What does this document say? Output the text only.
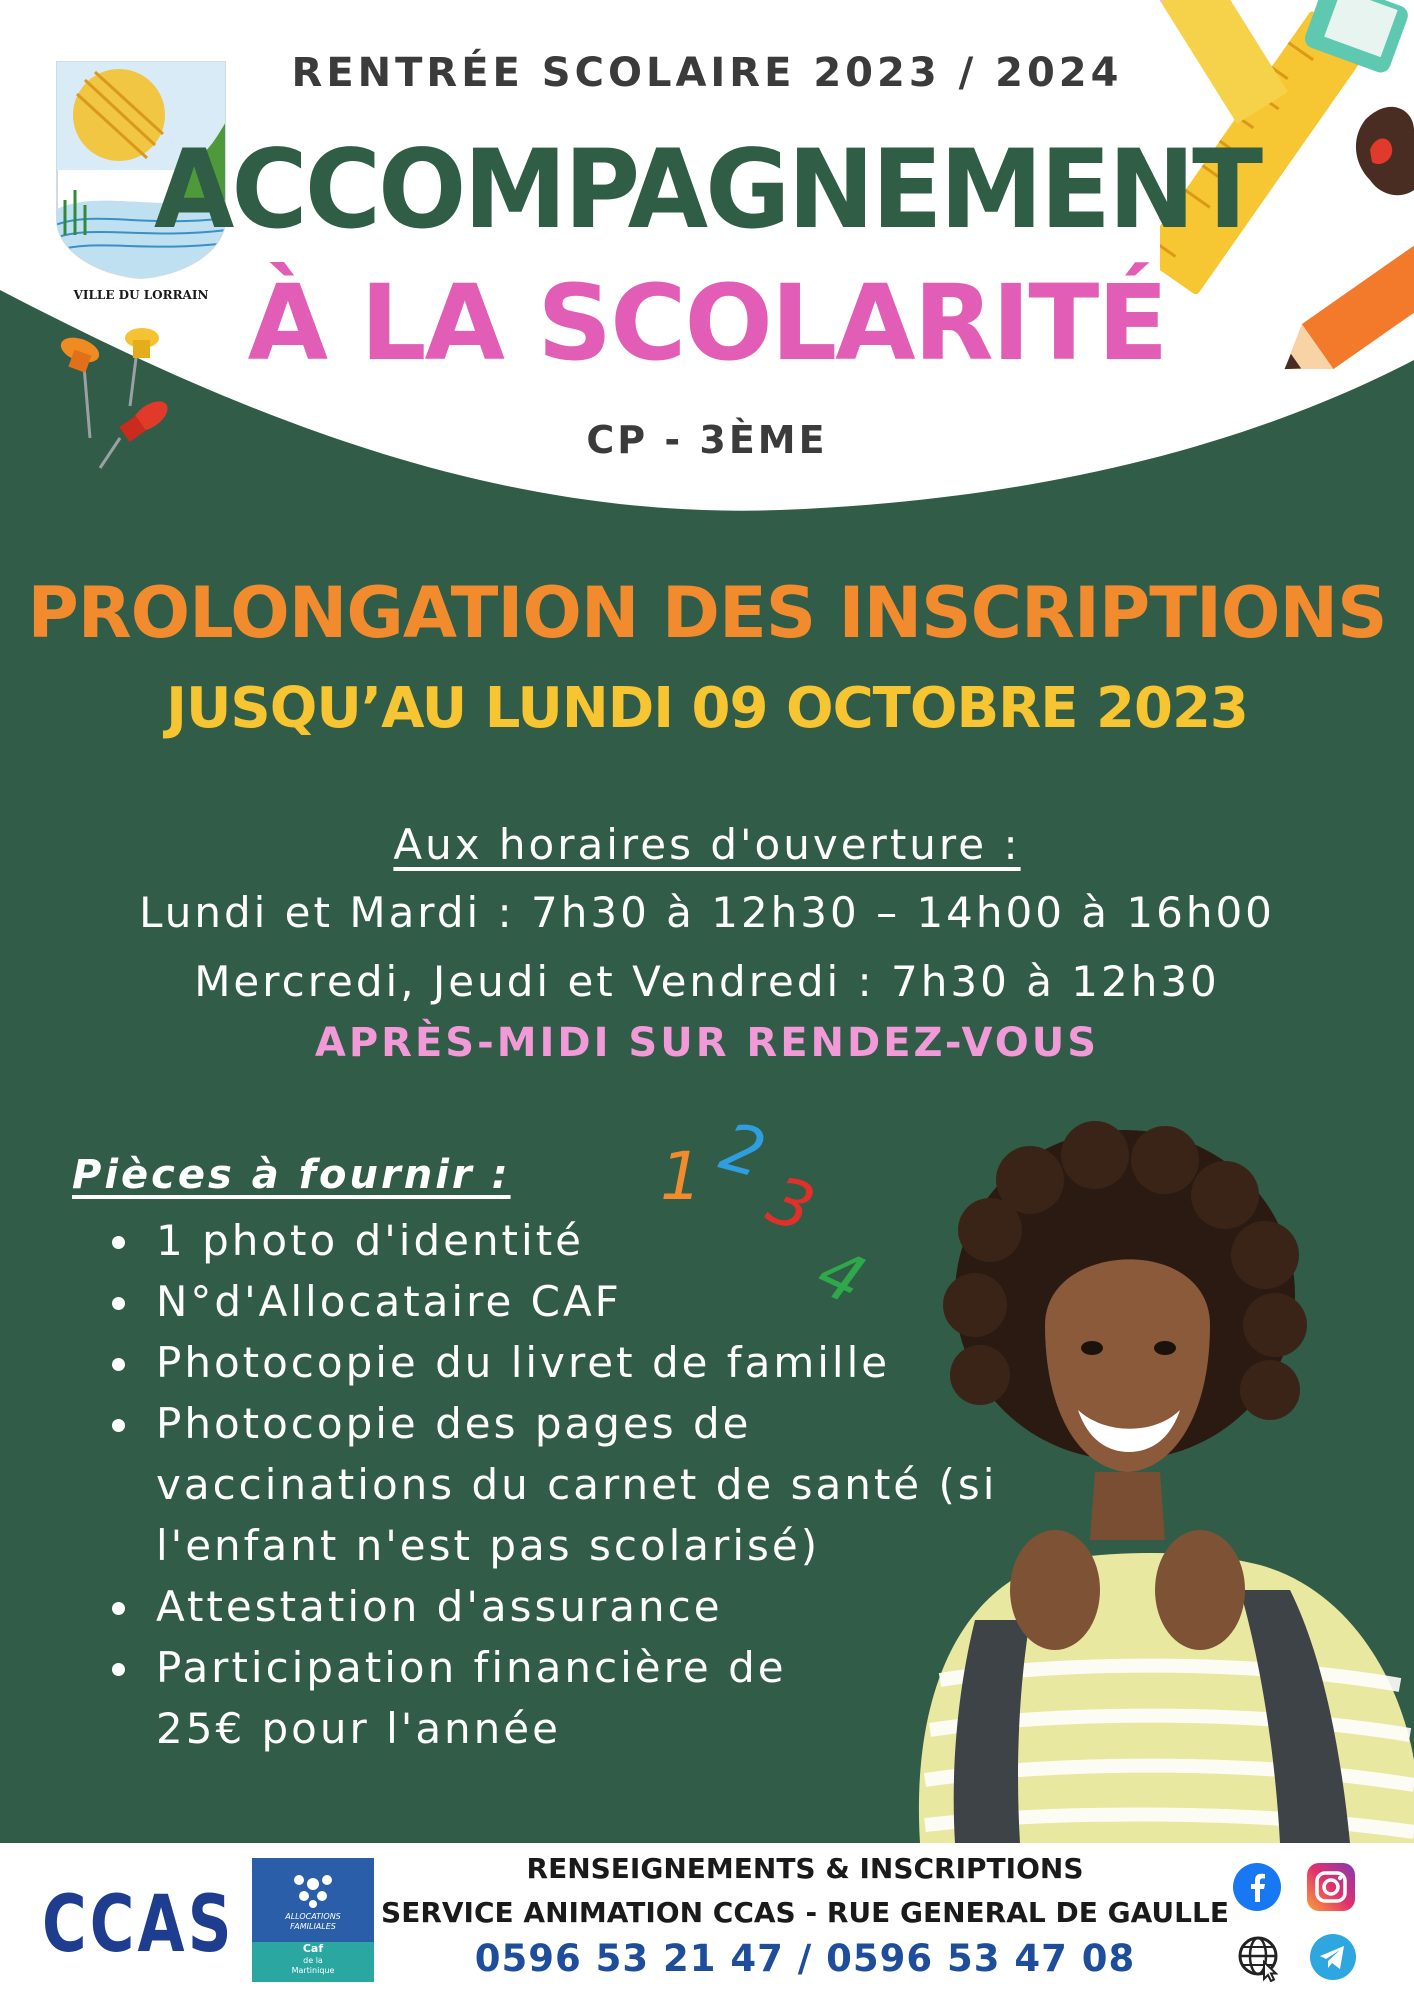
VILLE DU LORRAIN
RENTRÉE SCOLAIRE 2023 / 2024
ACCOMPAGNEMENT
À LA SCOLARITÉ
CP - 3ÈME
PROLONGATION DES INSCRIPTIONS
JUSQU’AU LUNDI 09 OCTOBRE 2023
Aux horaires d'ouverture :
Lundi et Mardi : 7h30 à 12h30 – 14h00 à 16h00
Mercredi, Jeudi et Vendredi : 7h30 à 12h30
APRÈS-MIDI SUR RENDEZ-VOUS
Pièces à fournir :
1 photo d'identité
N°d'Allocataire CAF
Photocopie du livret de famille
Photocopie des pages de vaccinations du carnet de santé (si l'enfant n'est pas scolarisé)
Attestation d'assurance
Participation financière de 25€ pour l'année
1 2
3
4
CCAS	ALLOCATIONS
FAMILIALES
Caf
de la
Martinique
RENSEIGNEMENTS & INSCRIPTIONS
SERVICE ANIMATION CCAS - RUE GENERAL DE GAULLE
0596 53 21 47 / 0596 53 47 08
